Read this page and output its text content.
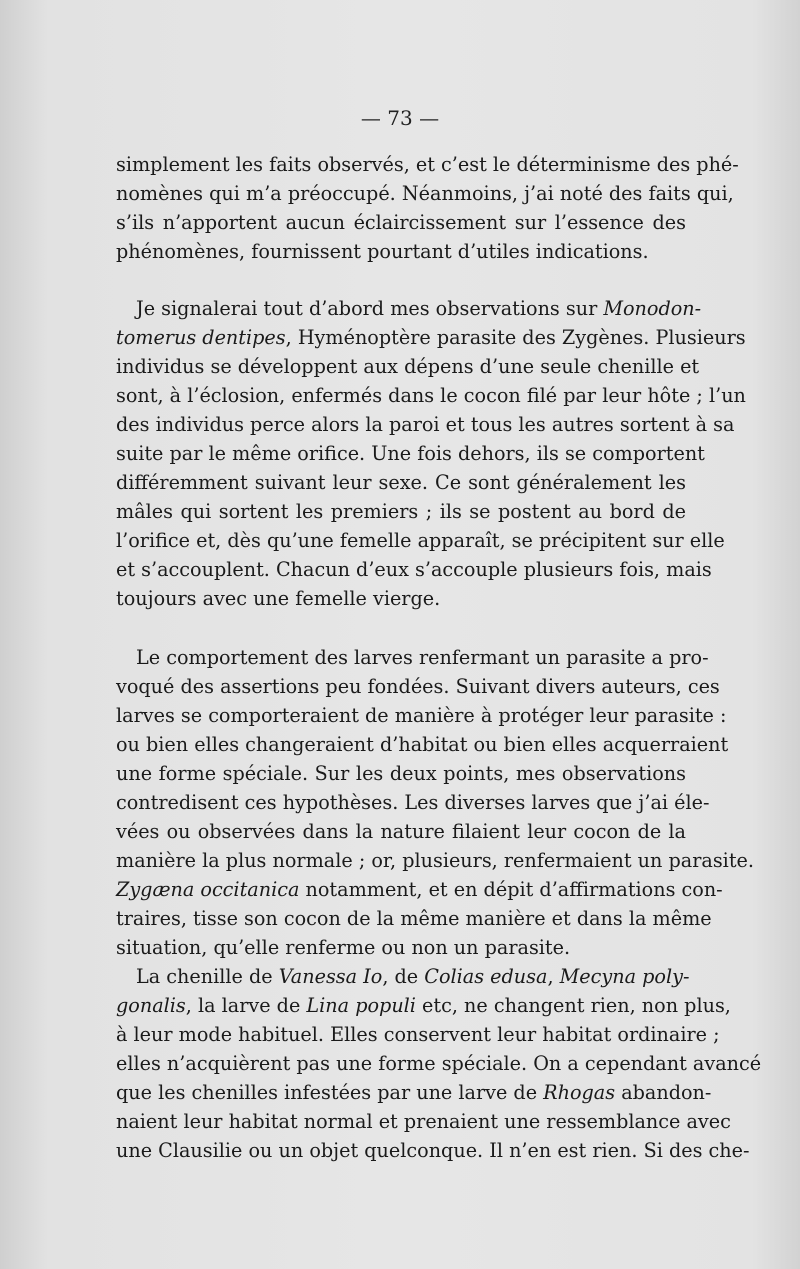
— 73 —
simplement les faits observés, et c’est le déterminisme des phé-
nomènes qui m’a préoccupé. Néanmoins, j’ai noté des faits qui,
s’ils n’apportent aucun éclaircissement sur l’essence des
phénomènes, fournissent pourtant d’utiles indications.
Je signalerai tout d’abord mes observations sur Monodon-
tomerus dentipes, Hyménoptère parasite des Zygènes. Plusieurs
individus se développent aux dépens d’une seule chenille et
sont, à l’éclosion, enfermés dans le cocon filé par leur hôte ; l’un
des individus perce alors la paroi et tous les autres sortent à sa
suite par le même orifice. Une fois dehors, ils se comportent
différemment suivant leur sexe. Ce sont généralement les
mâles qui sortent les premiers ; ils se postent au bord de
l’orifice et, dès qu’une femelle apparaît, se précipitent sur elle
et s’accouplent. Chacun d’eux s’accouple plusieurs fois, mais
toujours avec une femelle vierge.
Le comportement des larves renfermant un parasite a pro-
voqué des assertions peu fondées. Suivant divers auteurs, ces
larves se comporteraient de manière à protéger leur parasite :
ou bien elles changeraient d’habitat ou bien elles acquerraient
une forme spéciale. Sur les deux points, mes observations
contredisent ces hypothèses. Les diverses larves que j’ai éle-
vées ou observées dans la nature filaient leur cocon de la
manière la plus normale ; or, plusieurs, renfermaient un parasite.
Zygæna occitanica notamment, et en dépit d’affirmations con-
traires, tisse son cocon de la même manière et dans la même
situation, qu’elle renferme ou non un parasite.
La chenille de Vanessa Io, de Colias edusa, Mecyna poly-
gonalis, la larve de Lina populi etc, ne changent rien, non plus,
à leur mode habituel. Elles conservent leur habitat ordinaire ;
elles n’acquièrent pas une forme spéciale. On a cependant avancé
que les chenilles infestées par une larve de Rhogas abandon-
naient leur habitat normal et prenaient une ressemblance avec
une Clausilie ou un objet quelconque. Il n’en est rien. Si des che-
